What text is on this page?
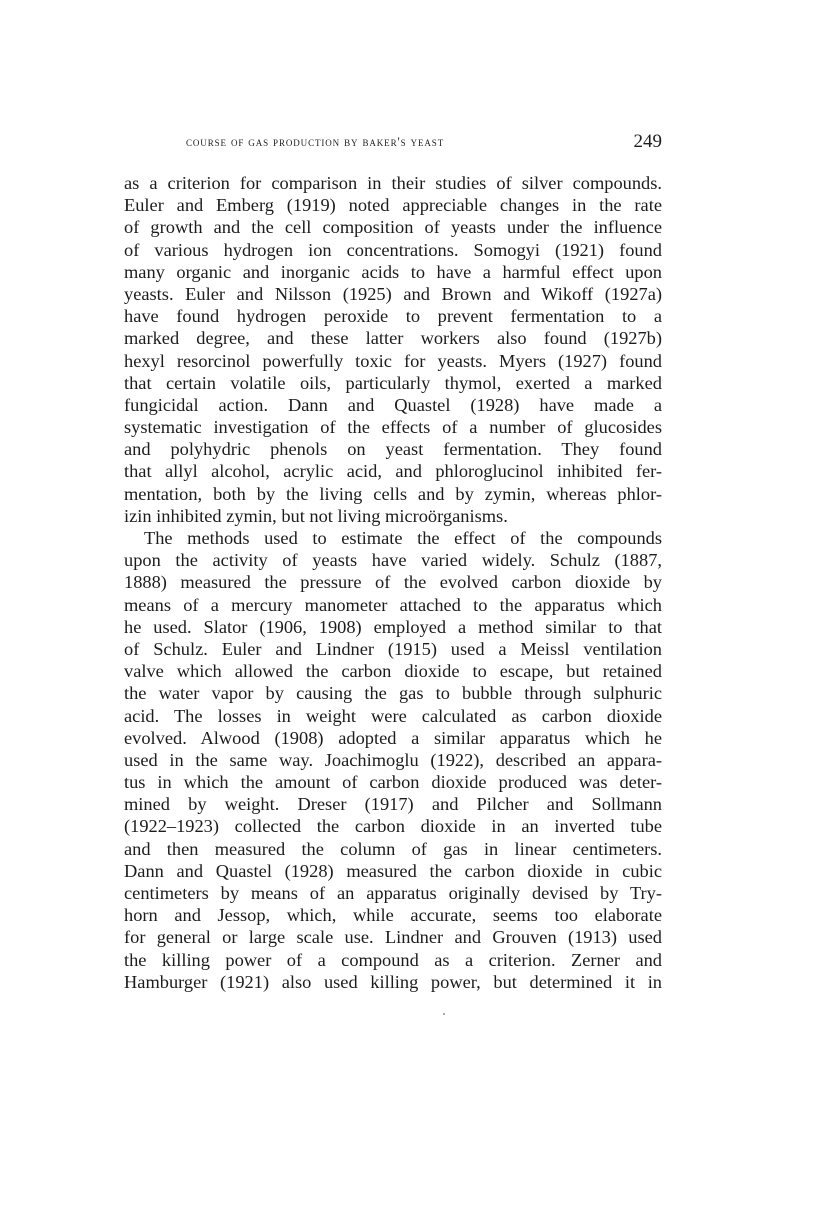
course of gas production by baker's yeast	249
as a criterion for comparison in their studies of silver compounds.
Euler and Emberg (1919) noted appreciable changes in the rate
of growth and the cell composition of yeasts under the influence
of various hydrogen ion concentrations. Somogyi (1921) found
many organic and inorganic acids to have a harmful effect upon
yeasts. Euler and Nilsson (1925) and Brown and Wikoff (1927a)
have found hydrogen peroxide to prevent fermentation to a
marked degree, and these latter workers also found (1927b)
hexyl resorcinol powerfully toxic for yeasts. Myers (1927) found
that certain volatile oils, particularly thymol, exerted a marked
fungicidal action. Dann and Quastel (1928) have made a
systematic investigation of the effects of a number of glucosides
and polyhydric phenols on yeast fermentation. They found
that allyl alcohol, acrylic acid, and phloroglucinol inhibited fer-
mentation, both by the living cells and by zymin, whereas phlor-
izin inhibited zymin, but not living microörganisms.
The methods used to estimate the effect of the compounds
upon the activity of yeasts have varied widely. Schulz (1887,
1888) measured the pressure of the evolved carbon dioxide by
means of a mercury manometer attached to the apparatus which
he used. Slator (1906, 1908) employed a method similar to that
of Schulz. Euler and Lindner (1915) used a Meissl ventilation
valve which allowed the carbon dioxide to escape, but retained
the water vapor by causing the gas to bubble through sulphuric
acid. The losses in weight were calculated as carbon dioxide
evolved. Alwood (1908) adopted a similar apparatus which he
used in the same way. Joachimoglu (1922), described an appara-
tus in which the amount of carbon dioxide produced was deter-
mined by weight. Dreser (1917) and Pilcher and Sollmann
(1922–1923) collected the carbon dioxide in an inverted tube
and then measured the column of gas in linear centimeters.
Dann and Quastel (1928) measured the carbon dioxide in cubic
centimeters by means of an apparatus originally devised by Try-
horn and Jessop, which, while accurate, seems too elaborate
for general or large scale use. Lindner and Grouven (1913) used
the killing power of a compound as a criterion. Zerner and
Hamburger (1921) also used killing power, but determined it in
